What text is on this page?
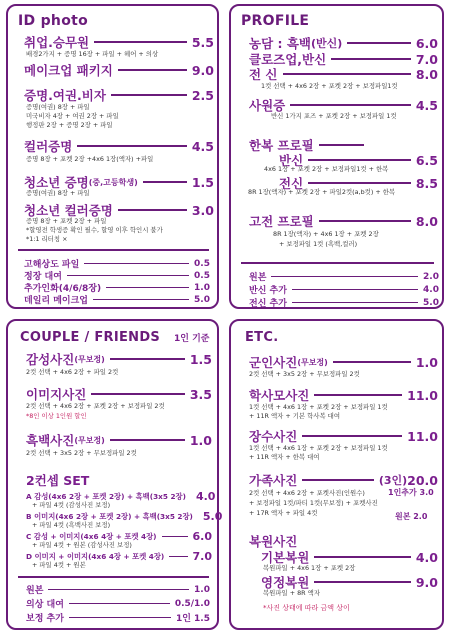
ID photo
취업.승무원	5.5
배경2가지 + 증명 16장 + 파일 + 헤어 + 의상
메이크업 패키지	9.0
증명.여권.비자	2.5
증명(여권) 8장 + 파일
미국비자 4장 + 여권 2장 + 파일
행정판 2장 + 증명 2장 + 파일
컬러증명	4.5
증명 8장 + 포켓 2장 +4x6 1장(액자) +파일
청소년 증명 (중,고등학생)	1.5
증명(여권) 8장 + 파일
청소년 컬러증명	3.0
증명 8장 + 포켓 2장 + 파일
*할영전 학생증 확인 필수, 할영 이후 학인시 불가
*1:1 리터칭 ×
고해상도 파일	0.5
정장 대여	0.5
추가인화(4/6/8장)	1.0
데일리 메이크업	5.0
PROFILE
농담 : 흑백 (반신)	6.0
클로즈업,반신	7.0
전 신	8.0
1컷 선택 + 4x6 2장 + 포켓 2장 + 보정파일1컷
사원증	4.5
반신 1가지 포즈 + 포켓 2장 + 보정파일 1컷
한복 프로필
반신	6.5
4x6 1장 + 포켓 2장 + 보정파일1컷 + 한복
전신	8.5
8R 1장(액자) + 포켓 2장 + 파일2컷(a,b컷) + 한복
고전 프로필	8.0
8R 1장(액자) + 4x6 1장 + 포켓 2장
+ 보정파일 1컷 (흑백,컬러)
원본	2.0
반신 추가	4.0
전신 추가	5.0
COUPLE / FRIENDS 1인 기준
감성사진 (무보정)	1.5
2컷 선택 + 4x6 2장 + 파일 2컷
이미지사진	3.5
2컷 선택 + 4x6 2장 + 포켓 2장 + 보정파일 2컷
*8인 이상 1인원 할인
흑백사진 (무보정)	1.0
2컷 선택 + 3x5 2장 + 무보정파일 2컷
2컨셉 SET
A 감성(4x6 2장 + 포켓 2장) + 흑백(3x5 2장) 4.0
+ 파일 4컷 (감성사진 보정)
B 이미지(4x6 2장 + 포켓 2장) + 흑백(3x5 2장) 5.0
+ 파일 4컷 (흑백사진 보정)
C 감성 + 이미지(4x6 4장 + 포켓 4장)	6.0
+ 파일 4컷 + 원본 (감성사진 보정)
D 이미지 + 이미지(4x6 4장 + 포켓 4장)	7.0
+ 파일 4컷 + 원본
원본	1.0
의상 대여	0.5/1.0
보정 추가	1인 1.5
ETC.
군인사진 (무보정)	1.0
2컷 선택 + 3x5 2장 + 무보정파일 2컷
학사모사진	11.0
1컷 선택 + 4x6 1장 + 포켓 2장 + 보정파일 1컷
+ 11R 액자 + 기본 학사복 대여
장수사진	11.0
1컷 선택 + 4x6 1장 + 포켓 2장 + 보정파일 1컷
+ 11R 액자 + 한복 대여
가족사진	(3인) 20.0
2컷 선택 + 4x6 2장 + 포켓사진(인원수)	1인추가 3.0
+ 보정파일 1컷/파티 1컷(무보정) + 포켓사진
+ 17R 액자 + 파일 4컷	원본 2.0
복원사진
기본복원	4.0
복원파일 + 4x6 1장 + 포켓 2장
영정복원	9.0
복원파일 + 8R 액자
*사진 상태에 따라 금액 상이
